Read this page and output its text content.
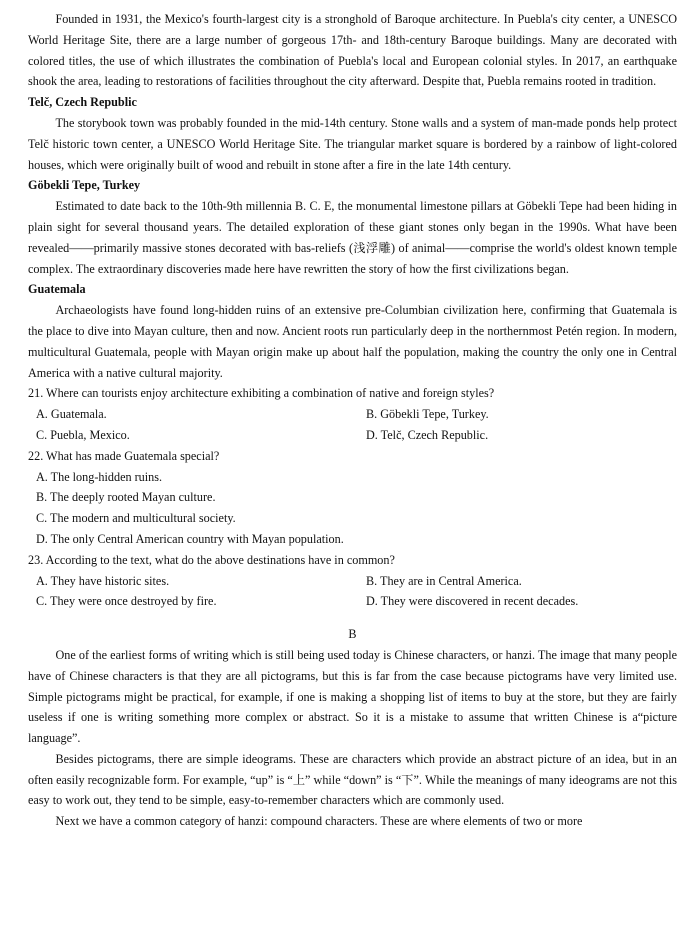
Founded in 1931, the Mexico's fourth-largest city is a stronghold of Baroque architecture. In Puebla's city center, a UNESCO World Heritage Site, there are a large number of gorgeous 17th- and 18th-century Baroque buildings. Many are decorated with colored titles, the use of which illustrates the combination of Puebla's local and European colonial styles. In 2017, an earthquake shook the area, leading to restorations of facilities throughout the city afterward. Despite that, Puebla remains rooted in tradition.

Telč, Czech Republic

The storybook town was probably founded in the mid-14th century. Stone walls and a system of man-made ponds help protect Telč historic town center, a UNESCO World Heritage Site. The triangular market square is bordered by a rainbow of light-colored houses, which were originally built of wood and rebuilt in stone after a fire in the late 14th century.

Göbekli Tepe, Turkey

Estimated to date back to the 10th-9th millennia B. C. E, the monumental limestone pillars at Göbekli Tepe had been hiding in plain sight for several thousand years. The detailed exploration of these giant stones only began in the 1990s. What have been revealed——primarily massive stones decorated with bas-reliefs (浅浮雕) of animal——comprise the world's oldest known temple complex. The extraordinary discoveries made here have rewritten the story of how the first civilizations began.

Guatemala

Archaeologists have found long-hidden ruins of an extensive pre-Columbian civilization here, confirming that Guatemala is the place to dive into Mayan culture, then and now. Ancient roots run particularly deep in the northernmost Petén region. In modern, multicultural Guatemala, people with Mayan origin make up about half the population, making the country the only one in Central America with a native cultural majority.

21. Where can tourists enjoy architecture exhibiting a combination of native and foreign styles?

A. Guatemala.	B. Göbekli Tepe, Turkey.
C. Puebla, Mexico.	D. Telč, Czech Republic.

22. What has made Guatemala special?

A. The long-hidden ruins.
B. The deeply rooted Mayan culture.
C. The modern and multicultural society.
D. The only Central American country with Mayan population.

23. According to the text, what do the above destinations have in common?

A. They have historic sites.	B. They are in Central America.
C. They were once destroyed by fire.	D. They were discovered in recent decades.

B

One of the earliest forms of writing which is still being used today is Chinese characters, or hanzi. The image that many people have of Chinese characters is that they are all pictograms, but this is far from the case because pictograms have very limited use. Simple pictograms might be practical, for example, if one is making a shopping list of items to buy at the store, but they are fairly useless if one is writing something more complex or abstract. So it is a mistake to assume that written Chinese is a“picture language”.

Besides pictograms, there are simple ideograms. These are characters which provide an abstract picture of an idea, but in an often easily recognizable form. For example, “up” is “上” while “down” is “下”. While the meanings of many ideograms are not this easy to work out, they tend to be simple, easy-to-remember characters which are commonly used.

Next we have a common category of hanzi: compound characters. These are where elements of two or more
